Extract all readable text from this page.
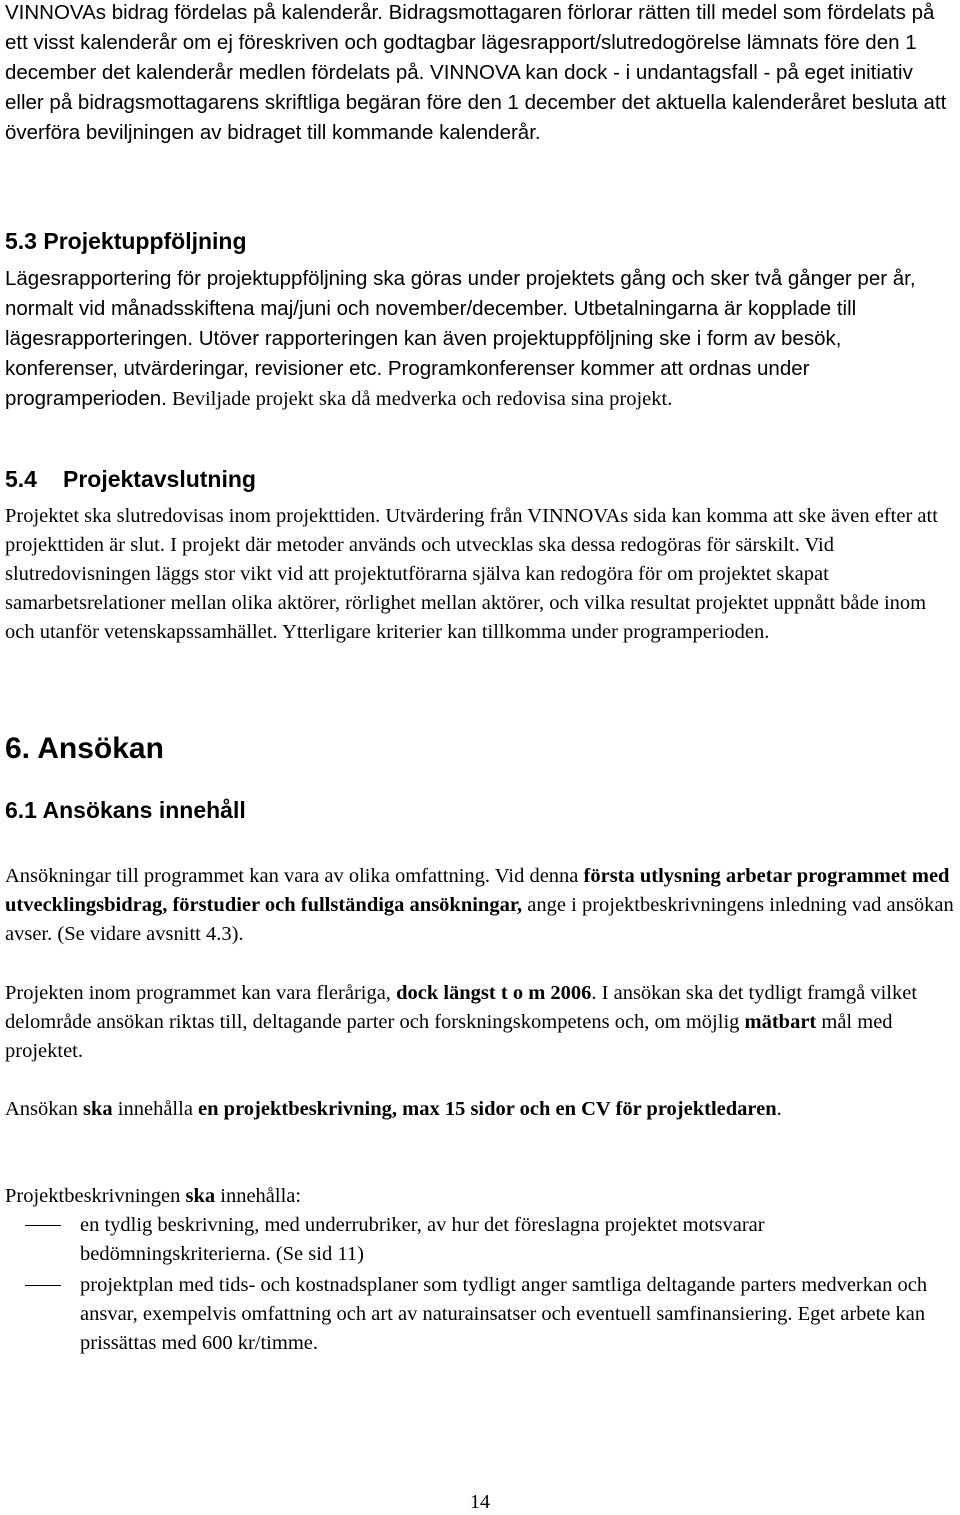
VINNOVAs bidrag fördelas på kalenderår. Bidragsmottagaren förlorar rätten till medel som fördelats på ett visst kalenderår om ej föreskriven och godtagbar lägesrapport/slutredogörelse lämnats före den 1 december det kalenderår medlen fördelats på. VINNOVA kan dock - i undantagsfall - på eget initiativ eller på bidragsmottagarens skriftliga begäran före den 1 december det aktuella kalenderåret besluta att överföra beviljningen av bidraget till kommande kalenderår.

5.3 Projektuppföljning

Lägesrapportering för projektuppföljning ska göras under projektets gång och sker två gånger per år, normalt vid månadsskiftena maj/juni och november/december. Utbetalningarna är kopplade till lägesrapporteringen. Utöver rapporteringen kan även projektuppföljning ske i form av besök, konferenser, utvärderingar, revisioner etc. Programkonferenser kommer att ordnas under programperioden. Beviljade projekt ska då medverka och redovisa sina projekt.

5.4 Projektavslutning

Projektet ska slutredovisas inom projekttiden. Utvärdering från VINNOVAs sida kan komma att ske även efter att projekttiden är slut. I projekt där metoder används och utvecklas ska dessa redogöras för särskilt. Vid slutredovisningen läggs stor vikt vid att projektutförarna själva kan redogöra för om projektet skapat samarbetsrelationer mellan olika aktörer, rörlighet mellan aktörer, och vilka resultat projektet uppnått både inom och utanför vetenskapssamhället. Ytterligare kriterier kan tillkomma under programperioden.

6. Ansökan
6.1 Ansökans innehåll

Ansökningar till programmet kan vara av olika omfattning. Vid denna första utlysning arbetar programmet med utvecklingsbidrag, förstudier och fullständiga ansökningar, ange i projektbeskrivningens inledning vad ansökan avser. (Se vidare avsnitt 4.3).

Projekten inom programmet kan vara fleråriga, dock längst t o m 2006. I ansökan ska det tydligt framgå vilket delområde ansökan riktas till, deltagande parter och forskningskompetens och, om möjlig mätbart mål med projektet.

Ansökan ska innehålla en projektbeskrivning, max 15 sidor och en CV för projektledaren.

Projektbeskrivningen ska innehålla:

en tydlig beskrivning, med underrubriker, av hur det föreslagna projektet motsvarar bedömningskriterierna. (Se sid 11)
projektplan med tids- och kostnadsplaner som tydligt anger samtliga deltagande parters medverkan och ansvar, exempelvis omfattning och art av naturainsatser och eventuell samfinansiering. Eget arbete kan prissättas med 600 kr/timme.
14
